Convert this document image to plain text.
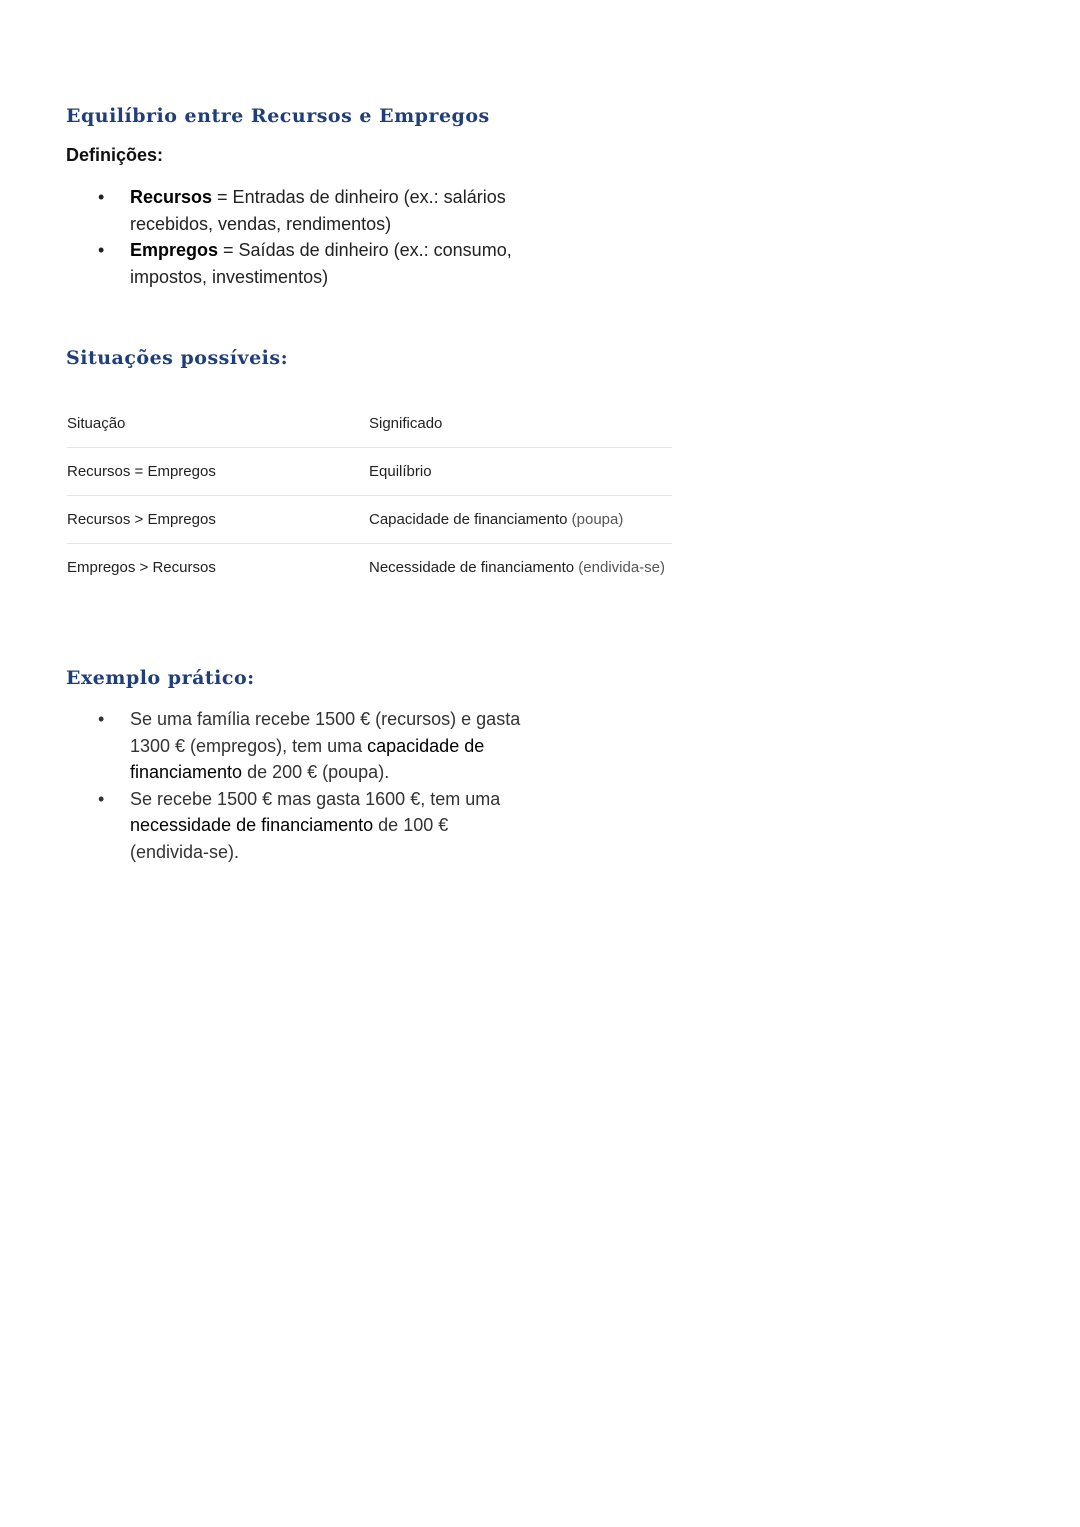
Equilíbrio entre Recursos e Empregos
Definições:
• Recursos = Entradas de dinheiro (ex.: salários recebidos, vendas, rendimentos)
• Empregos = Saídas de dinheiro (ex.: consumo, impostos, investimentos)
Situações possíveis:
Situação	Significado
Recursos = Empregos	Equilíbrio
Recursos > Empregos	Capacidade de financiamento (poupa)
Empregos > Recursos	Necessidade de financiamento (endivida-se)
Exemplo prático:
• Se uma família recebe 1500 € (recursos) e gasta 1300 € (empregos), tem uma capacidade de financiamento de 200 € (poupa).
• Se recebe 1500 € mas gasta 1600 €, tem uma necessidade de financiamento de 100 € (endivida-se).
